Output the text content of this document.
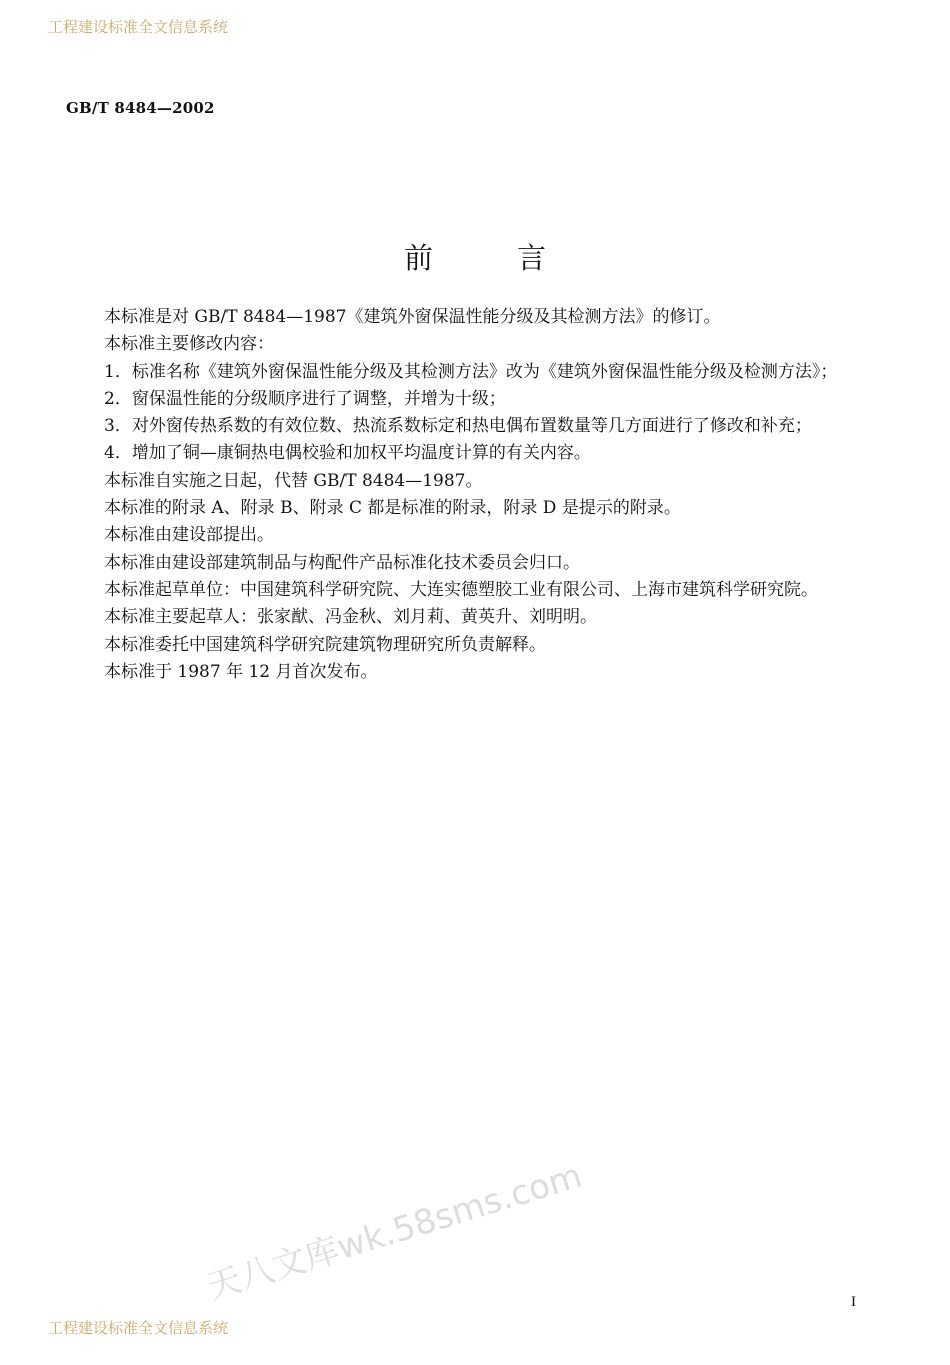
工程建设标准全文信息系统
GB/T 8484—2002
前言
本标准是对 GB/T 8484—1987《建筑外窗保温性能分级及其检测方法》的修订。
本标准主要修改内容：
1．标准名称《建筑外窗保温性能分级及其检测方法》改为《建筑外窗保温性能分级及检测方法》；
2．窗保温性能的分级顺序进行了调整，并增为十级；
3．对外窗传热系数的有效位数、热流系数标定和热电偶布置数量等几方面进行了修改和补充；
4．增加了铜—康铜热电偶校验和加权平均温度计算的有关内容。
本标准自实施之日起，代替 GB/T 8484—1987。
本标准的附录 A、附录 B、附录 C 都是标准的附录，附录 D 是提示的附录。
本标准由建设部提出。
本标准由建设部建筑制品与构配件产品标准化技术委员会归口。
本标准起草单位：中国建筑科学研究院、大连实德塑胶工业有限公司、上海市建筑科学研究院。
本标准主要起草人：张家猷、冯金秋、刘月莉、黄英升、刘明明。
本标准委托中国建筑科学研究院建筑物理研究所负责解释。
本标准于 1987 年 12 月首次发布。
天八文库wk.58sms.com	I
工程建设标准全文信息系统
